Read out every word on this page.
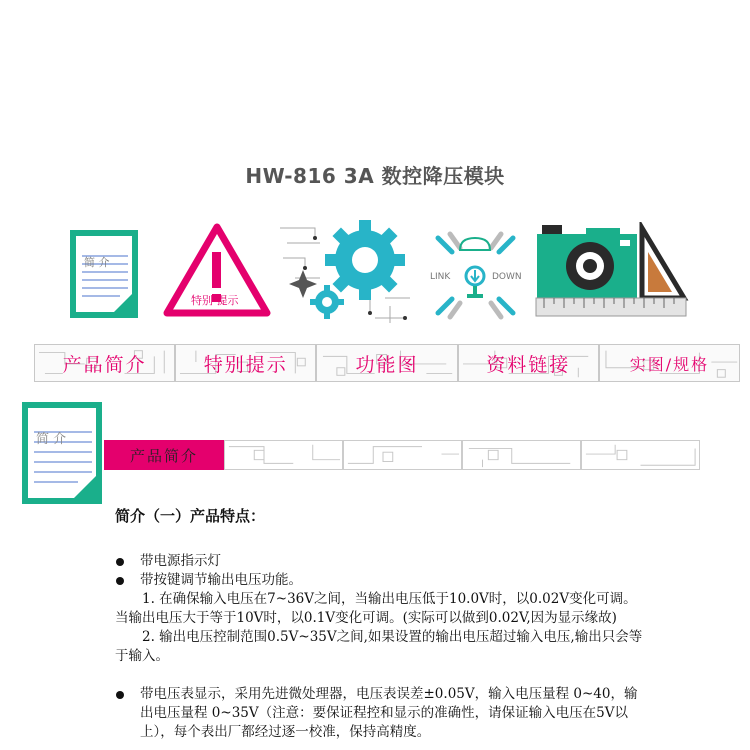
HW-816 3A 数控降压模块
简 介
特别 提示
LINK	DOWN
产品简介	特别提示	功能图	资料链接	实图/规格
简 介
产品简介
简介（一）产品特点：
带电源指示灯
带按键调节输出电压功能。
1. 在确保输入电压在7~36V之间，当输出电压低于10.0V时，以0.02V变化可调。当输出电压大于等于10V时，以0.1V变化可调。(实际可以做到0.02V,因为显示缘故)
2. 输出电压控制范围0.5V~35V之间,如果设置的输出电压超过输入电压,输出只会等于输入。
带电压表显示，采用先进微处理器，电压表误差±0.05V，输入电压量程 0~40，输出电压量程 0~35V（注意：要保证程控和显示的准确性，请保证输入电压在5V以上），每个表出厂都经过逐一校准，保持高精度。
